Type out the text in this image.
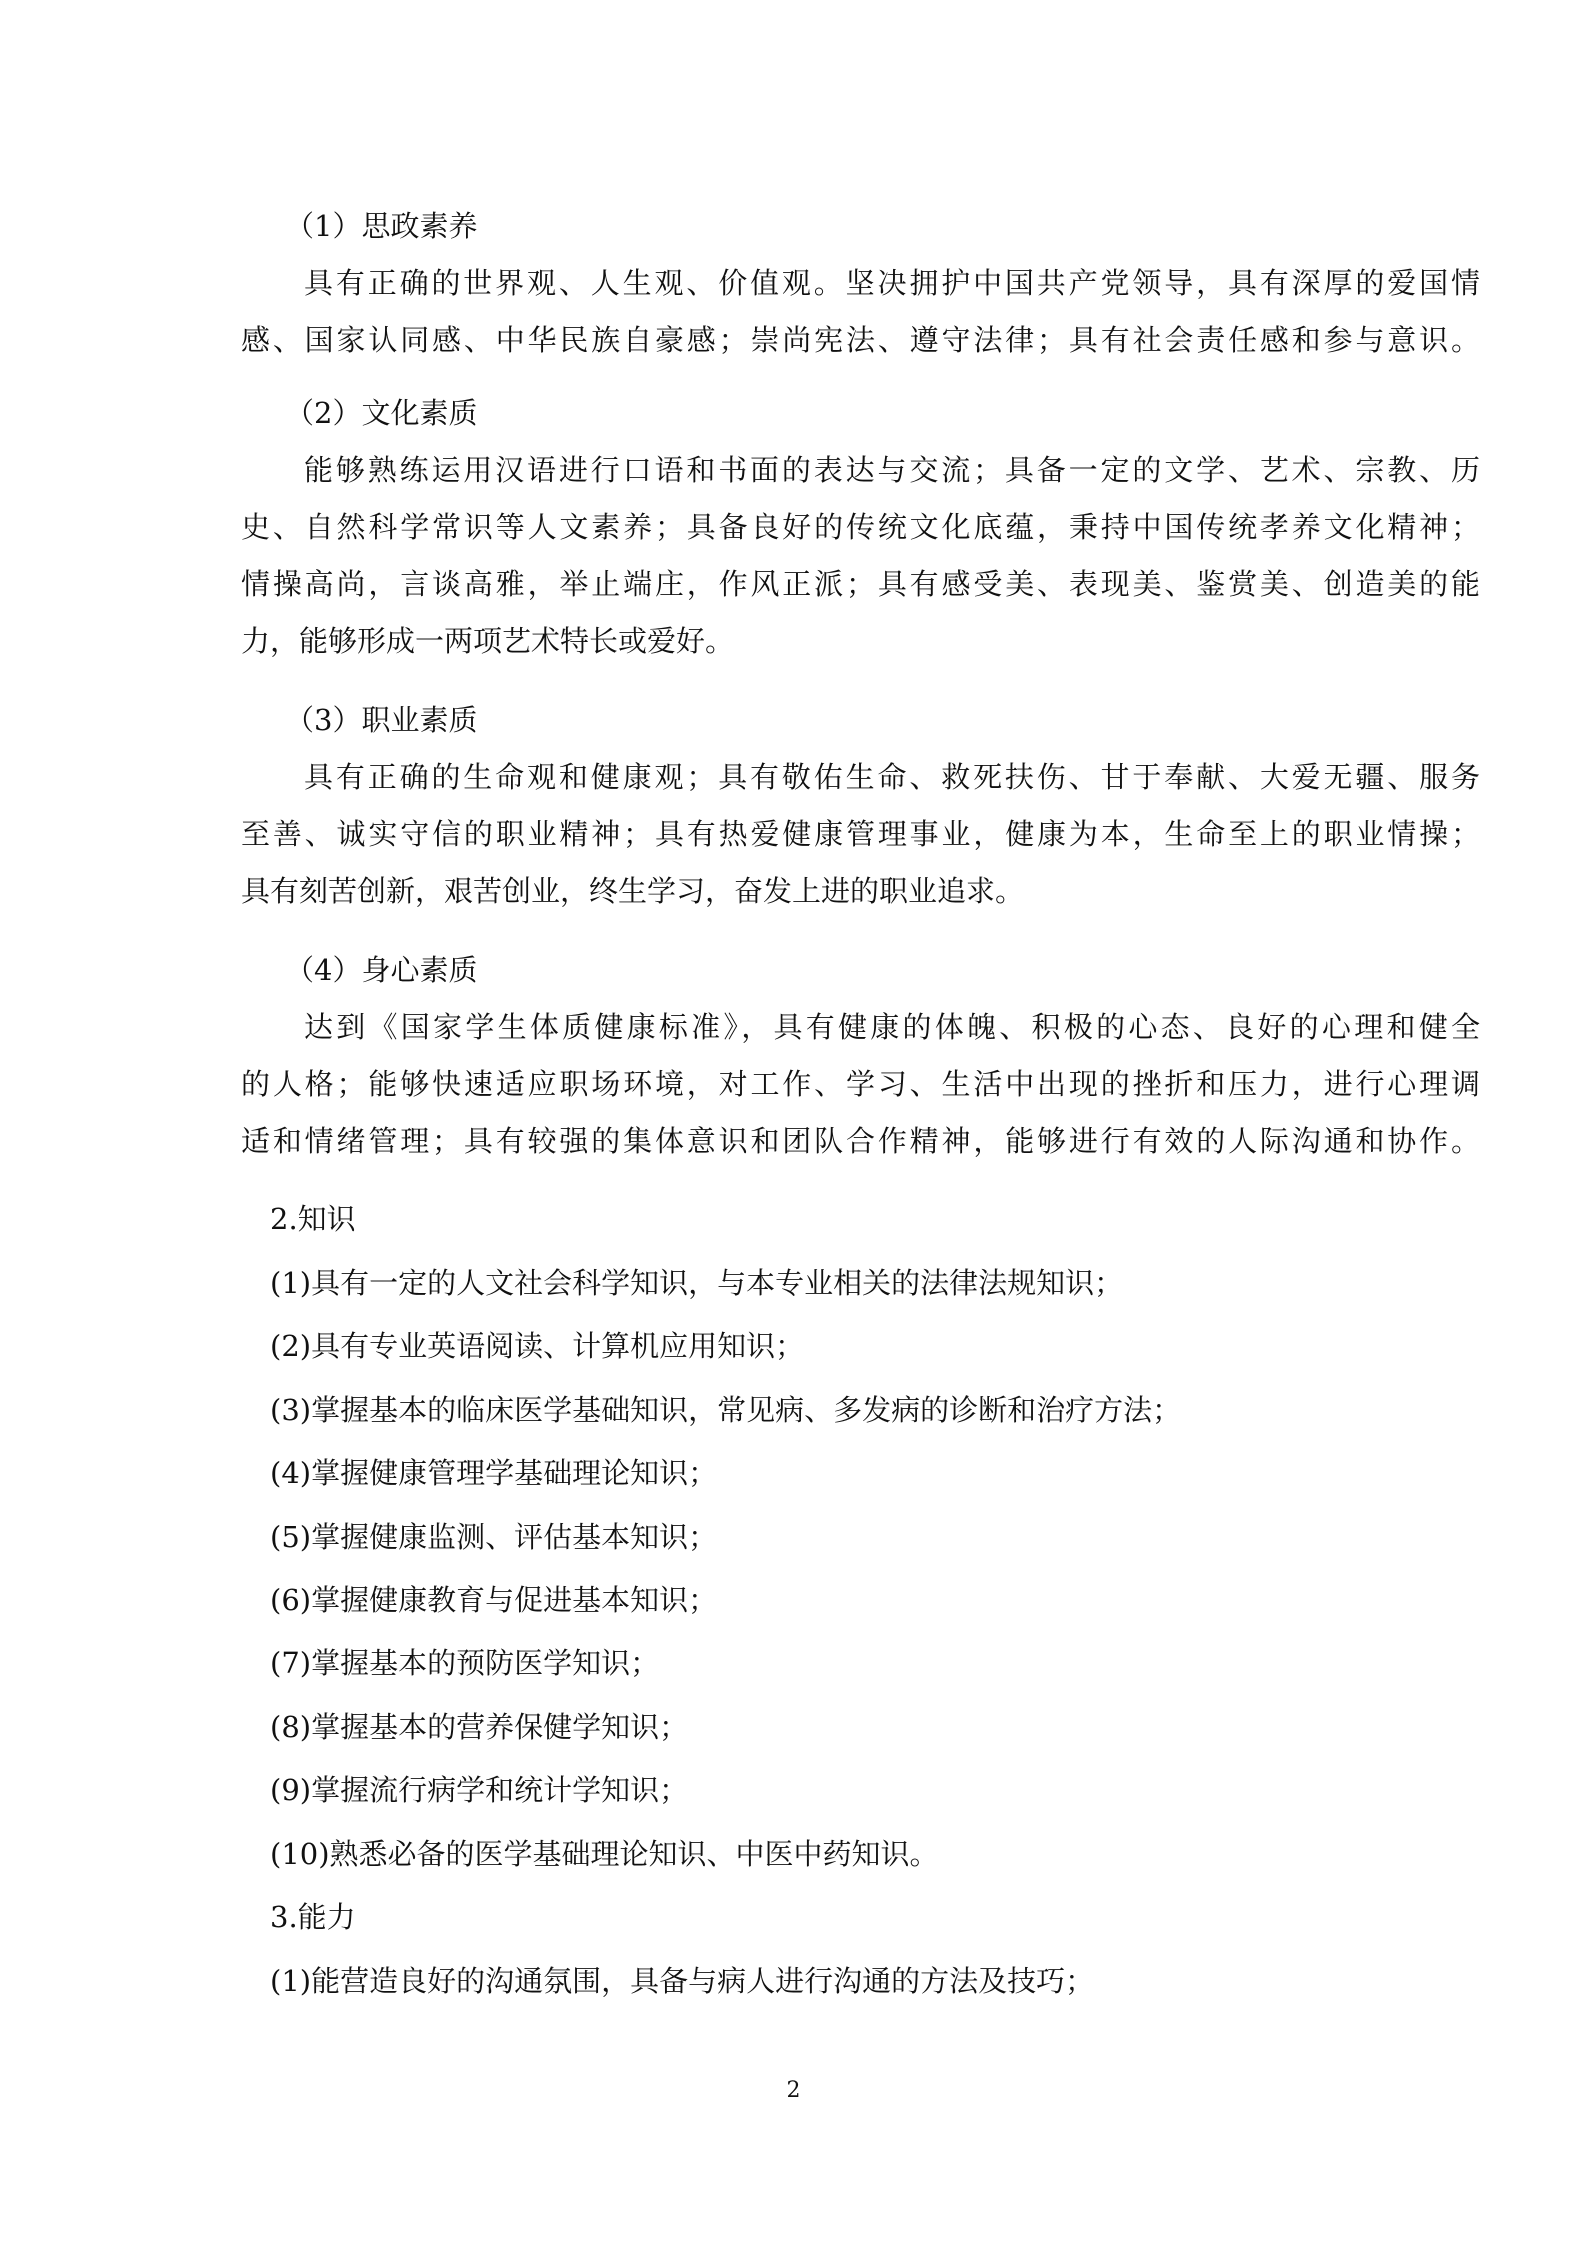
（1）思政素养
具有正确的世界观、人生观、价值观。坚决拥护中国共产党领导，具有深厚的爱国情
感、国家认同感、中华民族自豪感；崇尚宪法、遵守法律；具有社会责任感和参与意识。
（2）文化素质
能够熟练运用汉语进行口语和书面的表达与交流；具备一定的文学、艺术、宗教、历
史、自然科学常识等人文素养；具备良好的传统文化底蕴，秉持中国传统孝养文化精神；
情操高尚，言谈高雅，举止端庄，作风正派；具有感受美、表现美、鉴赏美、创造美的能
力，能够形成一两项艺术特长或爱好。
（3）职业素质
具有正确的生命观和健康观；具有敬佑生命、救死扶伤、甘于奉献、大爱无疆、服务
至善、诚实守信的职业精神；具有热爱健康管理事业，健康为本，生命至上的职业情操；
具有刻苦创新，艰苦创业，终生学习，奋发上进的职业追求。
（4）身心素质
达到《国家学生体质健康标准》，具有健康的体魄、积极的心态、良好的心理和健全
的人格；能够快速适应职场环境，对工作、学习、生活中出现的挫折和压力，进行心理调
适和情绪管理；具有较强的集体意识和团队合作精神，能够进行有效的人际沟通和协作。
2.知识
(1)具有一定的人文社会科学知识，与本专业相关的法律法规知识；
(2)具有专业英语阅读、计算机应用知识；
(3)掌握基本的临床医学基础知识，常见病、多发病的诊断和治疗方法；
(4)掌握健康管理学基础理论知识；
(5)掌握健康监测、评估基本知识；
(6)掌握健康教育与促进基本知识；
(7)掌握基本的预防医学知识；
(8)掌握基本的营养保健学知识；
(9)掌握流行病学和统计学知识；
(10)熟悉必备的医学基础理论知识、中医中药知识。
3.能力
(1)能营造良好的沟通氛围，具备与病人进行沟通的方法及技巧；
2
